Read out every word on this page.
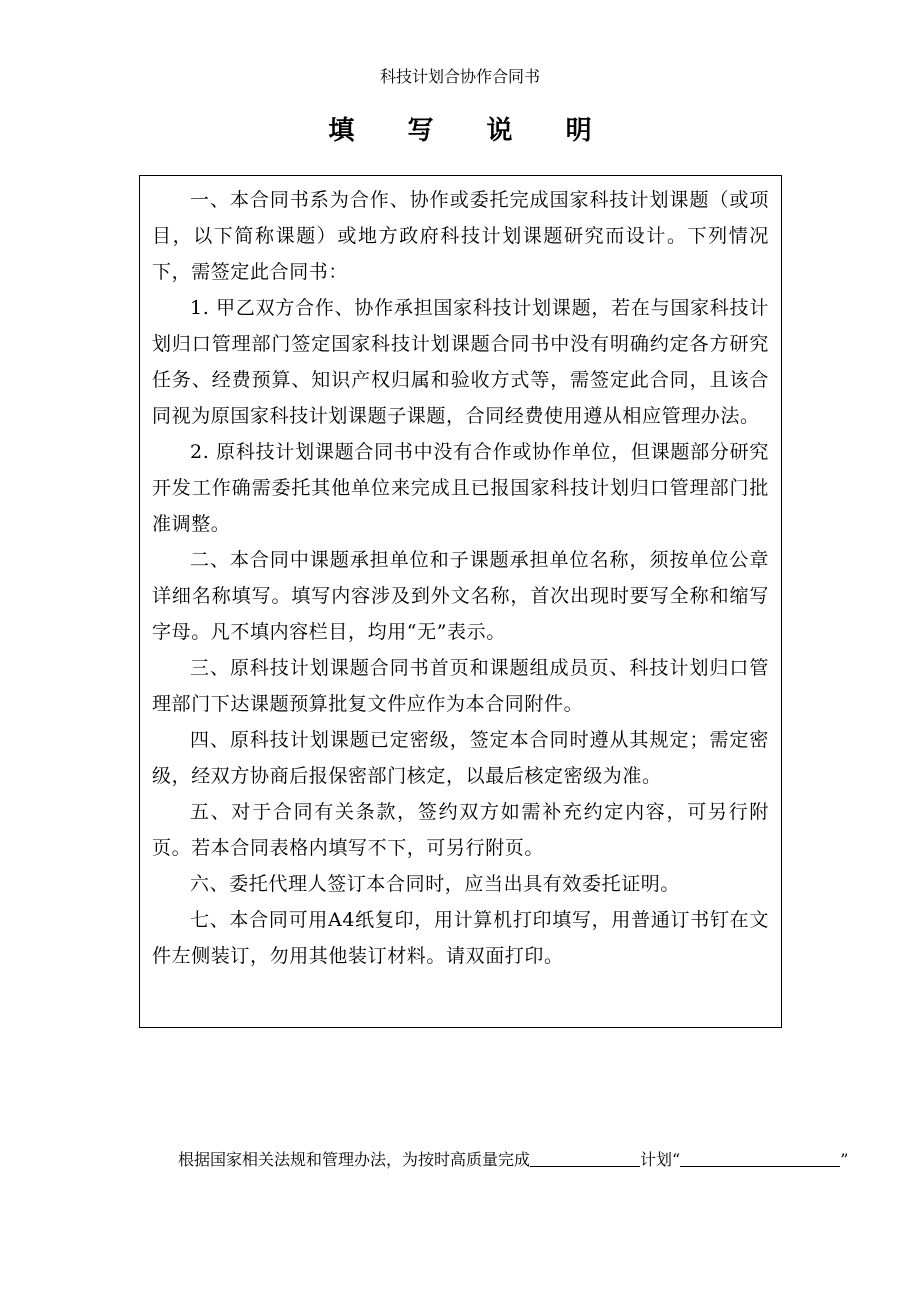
科技计划合协作合同书
填 写 说 明

一、本合同书系为合作、协作或委托完成国家科技计划课题（或项目，以下简称课题）或地方政府科技计划课题研究而设计。下列情况下，需签定此合同书：

1. 甲乙双方合作、协作承担国家科技计划课题，若在与国家科技计划归口管理部门签定国家科技计划课题合同书中没有明确约定各方研究任务、经费预算、知识产权归属和验收方式等，需签定此合同，且该合同视为原国家科技计划课题子课题，合同经费使用遵从相应管理办法。

2. 原科技计划课题合同书中没有合作或协作单位，但课题部分研究开发工作确需委托其他单位来完成且已报国家科技计划归口管理部门批准调整。

二、本合同中课题承担单位和子课题承担单位名称，须按单位公章详细名称填写。填写内容涉及到外文名称，首次出现时要写全称和缩写字母。凡不填内容栏目，均用“无”表示。

三、原科技计划课题合同书首页和课题组成员页、科技计划归口管理部门下达课题预算批复文件应作为本合同附件。

四、原科技计划课题已定密级，签定本合同时遵从其规定；需定密级，经双方协商后报保密部门核定，以最后核定密级为准。

五、对于合同有关条款，签约双方如需补充约定内容，可另行附页。若本合同表格内填写不下，可另行附页。

六、委托代理人签订本合同时，应当出具有效委托证明。

七、本合同可用A4纸复印，用计算机打印填写，用普通订书钉在文件左侧装订，勿用其他装订材料。请双面打印。

根据国家相关法规和管理办法，为按时高质量完成	计划“	”
